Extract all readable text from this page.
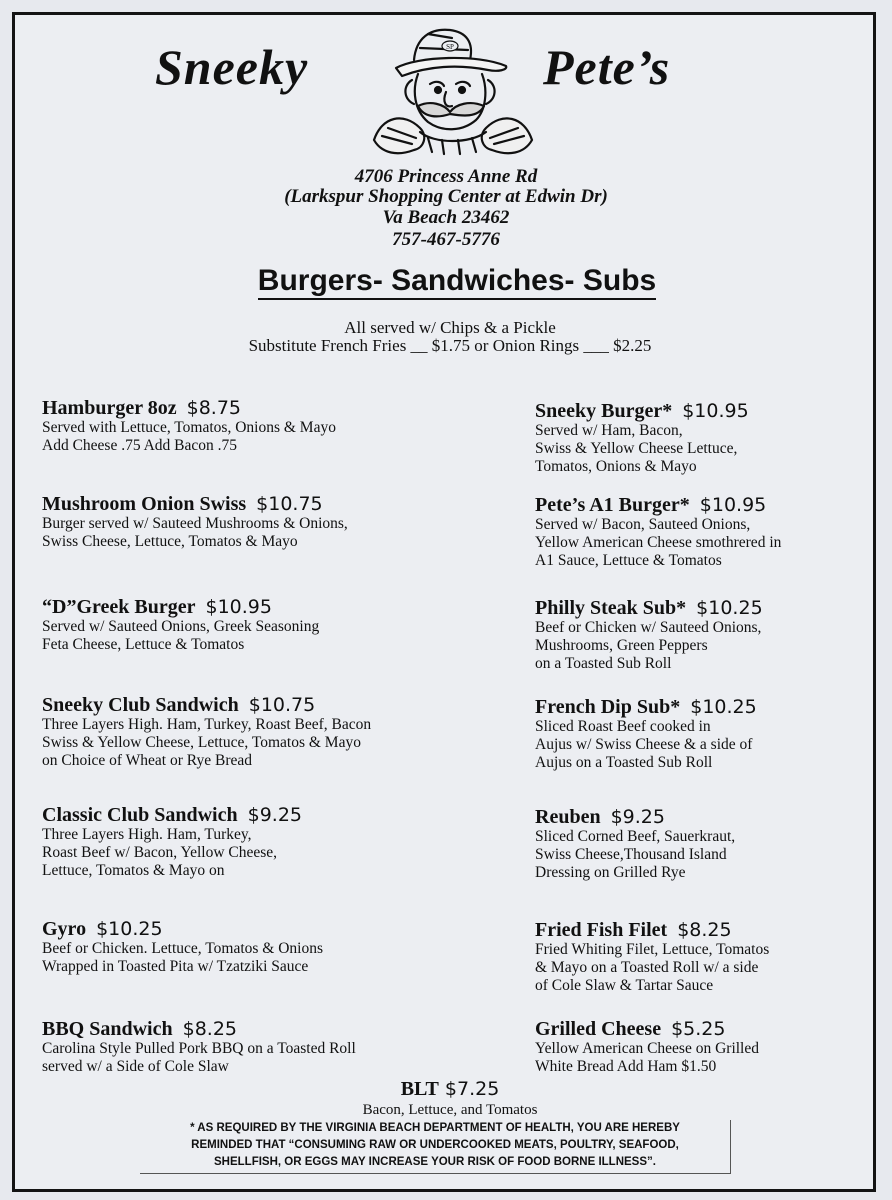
Sneeky	Pete’s
SP
4706 Princess Anne Rd
(Larkspur Shopping Center at Edwin Dr)
Va Beach 23462
757-467-5776
Burgers- Sandwiches- Subs
All served w/ Chips & a Pickle
Substitute French Fries __ $1.75 or Onion Rings ___ $2.25
Hamburger 8oz $8.75
Served with Lettuce, Tomatos, Onions & Mayo
Add Cheese .75 Add Bacon .75
Mushroom Onion Swiss $10.75
Burger served w/ Sauteed Mushrooms & Onions,
Swiss Cheese, Lettuce, Tomatos & Mayo
“D”Greek Burger $10.95
Served w/ Sauteed Onions, Greek Seasoning
Feta Cheese, Lettuce & Tomatos
Sneeky Club Sandwich $10.75
Three Layers High. Ham, Turkey, Roast Beef, Bacon
Swiss & Yellow Cheese, Lettuce, Tomatos & Mayo
on Choice of Wheat or Rye Bread
Classic Club Sandwich $9.25
Three Layers High. Ham, Turkey,
Roast Beef w/ Bacon, Yellow Cheese,
Lettuce, Tomatos & Mayo on
Gyro $10.25
Beef or Chicken. Lettuce, Tomatos & Onions
Wrapped in Toasted Pita w/ Tzatziki Sauce
BBQ Sandwich $8.25
Carolina Style Pulled Pork BBQ on a Toasted Roll
served w/ a Side of Cole Slaw
Sneeky Burger* $10.95
Served w/ Ham, Bacon,
Swiss & Yellow Cheese Lettuce,
Tomatos, Onions & Mayo
Pete’s A1 Burger* $10.95
Served w/ Bacon, Sauteed Onions,
Yellow American Cheese smothrered in
A1 Sauce, Lettuce & Tomatos
Philly Steak Sub* $10.25
Beef or Chicken w/ Sauteed Onions,
Mushrooms, Green Peppers
on a Toasted Sub Roll
French Dip Sub* $10.25
Sliced Roast Beef cooked in
Aujus w/ Swiss Cheese & a side of
Aujus on a Toasted Sub Roll
Reuben $9.25
Sliced Corned Beef, Sauerkraut,
Swiss Cheese,Thousand Island
Dressing on Grilled Rye
Fried Fish Filet $8.25
Fried Whiting Filet, Lettuce, Tomatos
& Mayo on a Toasted Roll w/ a side
of Cole Slaw & Tartar Sauce
Grilled Cheese $5.25
Yellow American Cheese on Grilled
White Bread Add Ham $1.50
BLT $7.25
Bacon, Lettuce, and Tomatos
* AS REQUIRED BY THE VIRGINIA BEACH DEPARTMENT OF HEALTH, YOU ARE HEREBY
REMINDED THAT “CONSUMING RAW OR UNDERCOOKED MEATS, POULTRY, SEAFOOD,
SHELLFISH, OR EGGS MAY INCREASE YOUR RISK OF FOOD BORNE ILLNESS”.
